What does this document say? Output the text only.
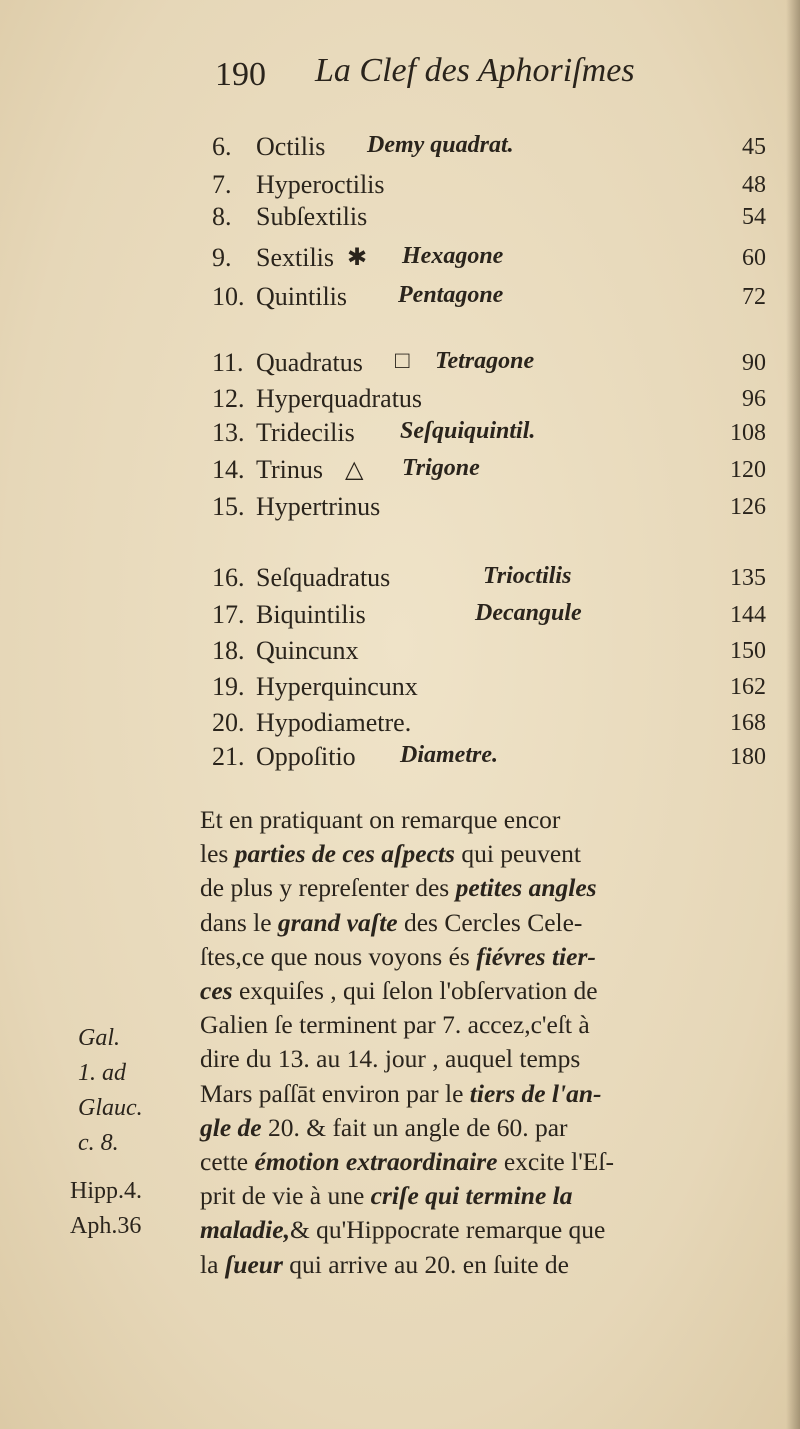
190 La Clef des Aphoriſmes
6. Octilis Demy quadrat.	45
7. Hyperoctilis	48
8. Subſextilis	54
9. Sextilis ✱ Hexagone	60
10. Quintilis Pentagone	72
11. Quadratus □ Tetragone	90
12. Hyperquadratus	96
13. Tridecilis Seſquiquintil.	108
14. Trinus △ Trigone	120
15. Hypertrinus	126
16. Seſquadratus	Trioctilis	135
17. Biquintilis	Decangule	144
18. Quincunx	150
19. Hyperquincunx	162
20. Hypodiametre.	168
21. Oppoſitio Diametre.	180
Et en pratiquant on remarque encor
les parties de ces aſpects qui peuvent
de plus y repreſenter des petites angles
dans le grand vaſte des Cercles Cele-
ſtes,ce que nous voyons és fiévres tier-
ces exquiſes , qui ſelon l'obſervation de
Galien ſe terminent par 7. accez,c'eſt à
dire du 13. au 14. jour , auquel temps
Mars paſſāt environ par le tiers de l'an-
gle de 20. & fait un angle de 60. par
cette émotion extraordinaire excite l'Eſ-
prit de vie à une criſe qui termine la
maladie,& qu'Hippocrate remarque que
la ſueur qui arrive au 20. en ſuite de
Gal.
1. ad
Glauc.
c. 8.
Hipp.4.
Aph.36
